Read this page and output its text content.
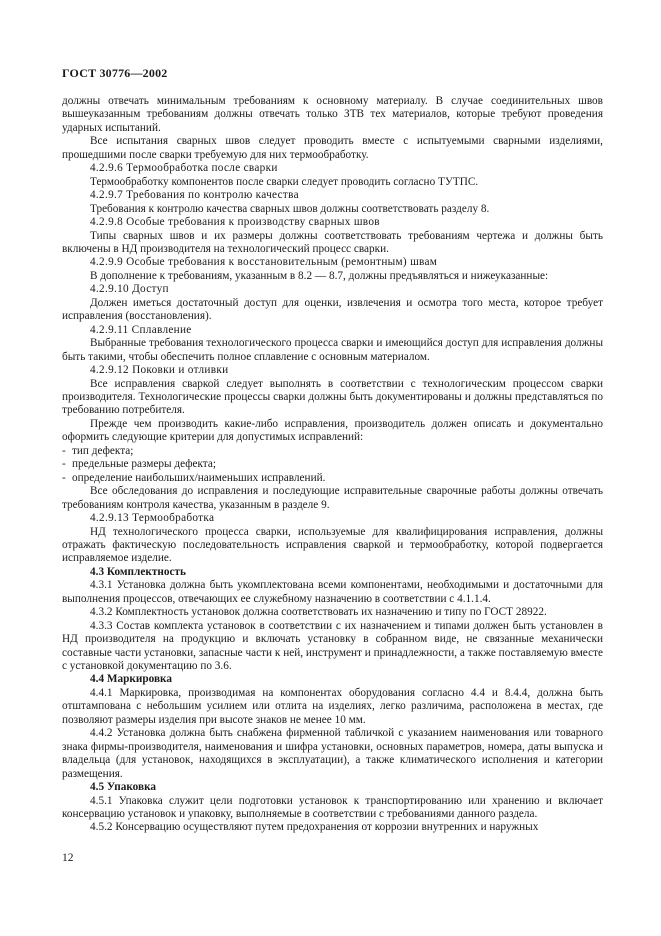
ГОСТ 30776—2002

должны отвечать минимальным требованиям к основному материалу. В случае соединительных швов вышеуказанным требованиям должны отвечать только ЗТВ тех материалов, которые требуют проведения ударных испытаний.

Все испытания сварных швов следует проводить вместе с испытуемыми сварными изделиями, прошедшими после сварки требуемую для них термообработку.

4.2.9.6 Термообработка после сварки

Термообработку компонентов после сварки следует проводить согласно ТУТПС.

4.2.9.7 Требования по контролю качества

Требования к контролю качества сварных швов должны соответствовать разделу 8.

4.2.9.8 Особые требования к производству сварных швов

Типы сварных швов и их размеры должны соответствовать требованиям чертежа и должны быть включены в НД производителя на технологический процесс сварки.

4.2.9.9 Особые требования к восстановительным (ремонтным) швам

В дополнение к требованиям, указанным в 8.2 — 8.7, должны предъявляться и нижеуказанные:

4.2.9.10 Доступ

Должен иметься достаточный доступ для оценки, извлечения и осмотра того места, которое требует исправления (восстановления).

4.2.9.11 Сплавление

Выбранные требования технологического процесса сварки и имеющийся доступ для исправления должны быть такими, чтобы обеспечить полное сплавление с основным материалом.

4.2.9.12 Поковки и отливки

Все исправления сваркой следует выполнять в соответствии с технологическим процессом сварки производителя. Технологические процессы сварки должны быть документированы и должны представляться по требованию потребителя.

Прежде чем производить какие-либо исправления, производитель должен описать и документально оформить следующие критерии для допустимых исправлений:

- тип дефекта;

- предельные размеры дефекта;

- определение наибольших/наименьших исправлений.

Все обследования до исправления и последующие исправительные сварочные работы должны отвечать требованиям контроля качества, указанным в разделе 9.

4.2.9.13 Термообработка

НД технологического процесса сварки, используемые для квалифицирования исправления, должны отражать фактическую последовательность исправления сваркой и термообработку, которой подвергается исправляемое изделие.

4.3 Комплектность

4.3.1 Установка должна быть укомплектована всеми компонентами, необходимыми и достаточными для выполнения процессов, отвечающих ее служебному назначению в соответствии с 4.1.1.4.

4.3.2 Комплектность установок должна соответствовать их назначению и типу по ГОСТ 28922.

4.3.3 Состав комплекта установок в соответствии с их назначением и типами должен быть установлен в НД производителя на продукцию и включать установку в собранном виде, не связанные механически составные части установки, запасные части к ней, инструмент и принадлежности, а также поставляемую вместе с установкой документацию по 3.6.

4.4 Маркировка

4.4.1 Маркировка, производимая на компонентах оборудования согласно 4.4 и 8.4.4, должна быть отштампована с небольшим усилием или отлита на изделиях, легко различима, расположена в местах, где позволяют размеры изделия при высоте знаков не менее 10 мм.

4.4.2 Установка должна быть снабжена фирменной табличкой с указанием наименования или товарного знака фирмы-производителя, наименования и шифра установки, основных параметров, номера, даты выпуска и владельца (для установок, находящихся в эксплуатации), а также климатического исполнения и категории размещения.

4.5 Упаковка

4.5.1 Упаковка служит цели подготовки установок к транспортированию или хранению и включает консервацию установок и упаковку, выполняемые в соответствии с требованиями данного раздела.

4.5.2 Консервацию осуществляют путем предохранения от коррозии внутренних и наружных

12
